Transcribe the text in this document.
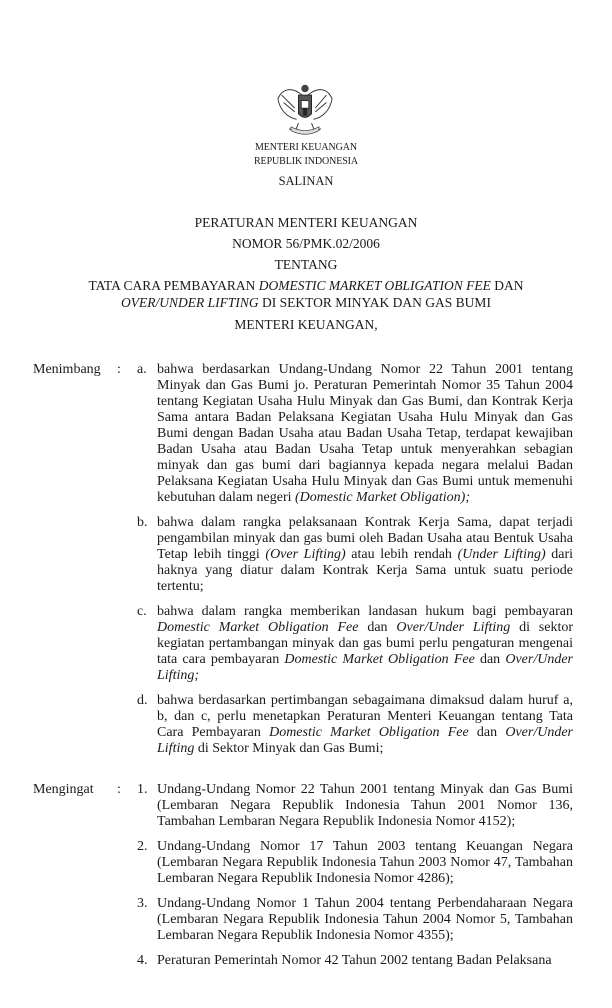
MENTERI KEUANGAN
REPUBLIK INDONESIA
SALINAN
PERATURAN MENTERI KEUANGAN
NOMOR 56/PMK.02/2006
TENTANG
TATA CARA PEMBAYARAN DOMESTIC MARKET OBLIGATION FEE DAN
OVER/UNDER LIFTING DI SEKTOR MINYAK DAN GAS BUMI
MENTERI KEUANGAN,
Menimbang	:	a. bahwa berdasarkan Undang-Undang Nomor 22 Tahun 2001 tentang Minyak dan Gas Bumi jo. Peraturan Pemerintah Nomor 35 Tahun 2004 tentang Kegiatan Usaha Hulu Minyak dan Gas Bumi, dan Kontrak Kerja Sama antara Badan Pelaksana Kegiatan Usaha Hulu Minyak dan Gas Bumi dengan Badan Usaha atau Badan Usaha Tetap, terdapat kewajiban Badan Usaha atau Badan Usaha Tetap untuk menyerahkan sebagian minyak dan gas bumi dari bagiannya kepada negara melalui Badan Pelaksana Kegiatan Usaha Hulu Minyak dan Gas Bumi untuk memenuhi kebutuhan dalam negeri (Domestic Market Obligation);
b. bahwa dalam rangka pelaksanaan Kontrak Kerja Sama, dapat terjadi pengambilan minyak dan gas bumi oleh Badan Usaha atau Bentuk Usaha Tetap lebih tinggi (Over Lifting) atau lebih rendah (Under Lifting) dari haknya yang diatur dalam Kontrak Kerja Sama untuk suatu periode tertentu;
c. bahwa dalam rangka memberikan landasan hukum bagi pembayaran Domestic Market Obligation Fee dan Over/Under Lifting di sektor kegiatan pertambangan minyak dan gas bumi perlu pengaturan mengenai tata cara pembayaran Domestic Market Obligation Fee dan Over/Under Lifting;
d. bahwa berdasarkan pertimbangan sebagaimana dimaksud dalam huruf a, b, dan c, perlu menetapkan Peraturan Menteri Keuangan tentang Tata Cara Pembayaran Domestic Market Obligation Fee dan Over/Under Lifting di Sektor Minyak dan Gas Bumi;
Mengingat	:	1. Undang-Undang Nomor 22 Tahun 2001 tentang Minyak dan Gas Bumi (Lembaran Negara Republik Indonesia Tahun 2001 Nomor 136, Tambahan Lembaran Negara Republik Indonesia Nomor 4152);
2. Undang-Undang Nomor 17 Tahun 2003 tentang Keuangan Negara (Lembaran Negara Republik Indonesia Tahun 2003 Nomor 47, Tambahan Lembaran Negara Republik Indonesia Nomor 4286);
3. Undang-Undang Nomor 1 Tahun 2004 tentang Perbendaharaan Negara (Lembaran Negara Republik Indonesia Tahun 2004 Nomor 5, Tambahan Lembaran Negara Republik Indonesia Nomor 4355);
4. Peraturan Pemerintah Nomor 42 Tahun 2002 tentang Badan Pelaksana
